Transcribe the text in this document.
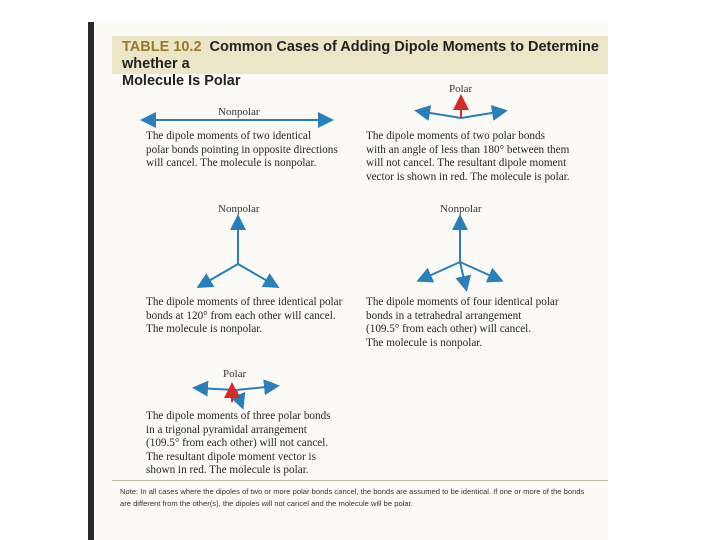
TABLE 10.2 Common Cases of Adding Dipole Moments to Determine whether a
Molecule Is Polar
Nonpolar
The dipole moments of two identical
polar bonds pointing in opposite directions
will cancel. The molecule is nonpolar.
Polar
The dipole moments of two polar bonds
with an angle of less than 180° between them
will not cancel. The resultant dipole moment
vector is shown in red. The molecule is polar.
Nonpolar
The dipole moments of three identical polar
bonds at 120° from each other will cancel.
The molecule is nonpolar.
Nonpolar
The dipole moments of four identical polar
bonds in a tetrahedral arrangement
(109.5° from each other) will cancel.
The molecule is nonpolar.
Polar
The dipole moments of three polar bonds
in a trigonal pyramidal arrangement
(109.5° from each other) will not cancel.
The resultant dipole moment vector is
shown in red. The molecule is polar.
Note: In all cases where the dipoles of two or more polar bonds cancel, the bonds are assumed to be identical. If one or more of the bonds
are different from the other(s), the dipoles will not cancel and the molecule will be polar.
